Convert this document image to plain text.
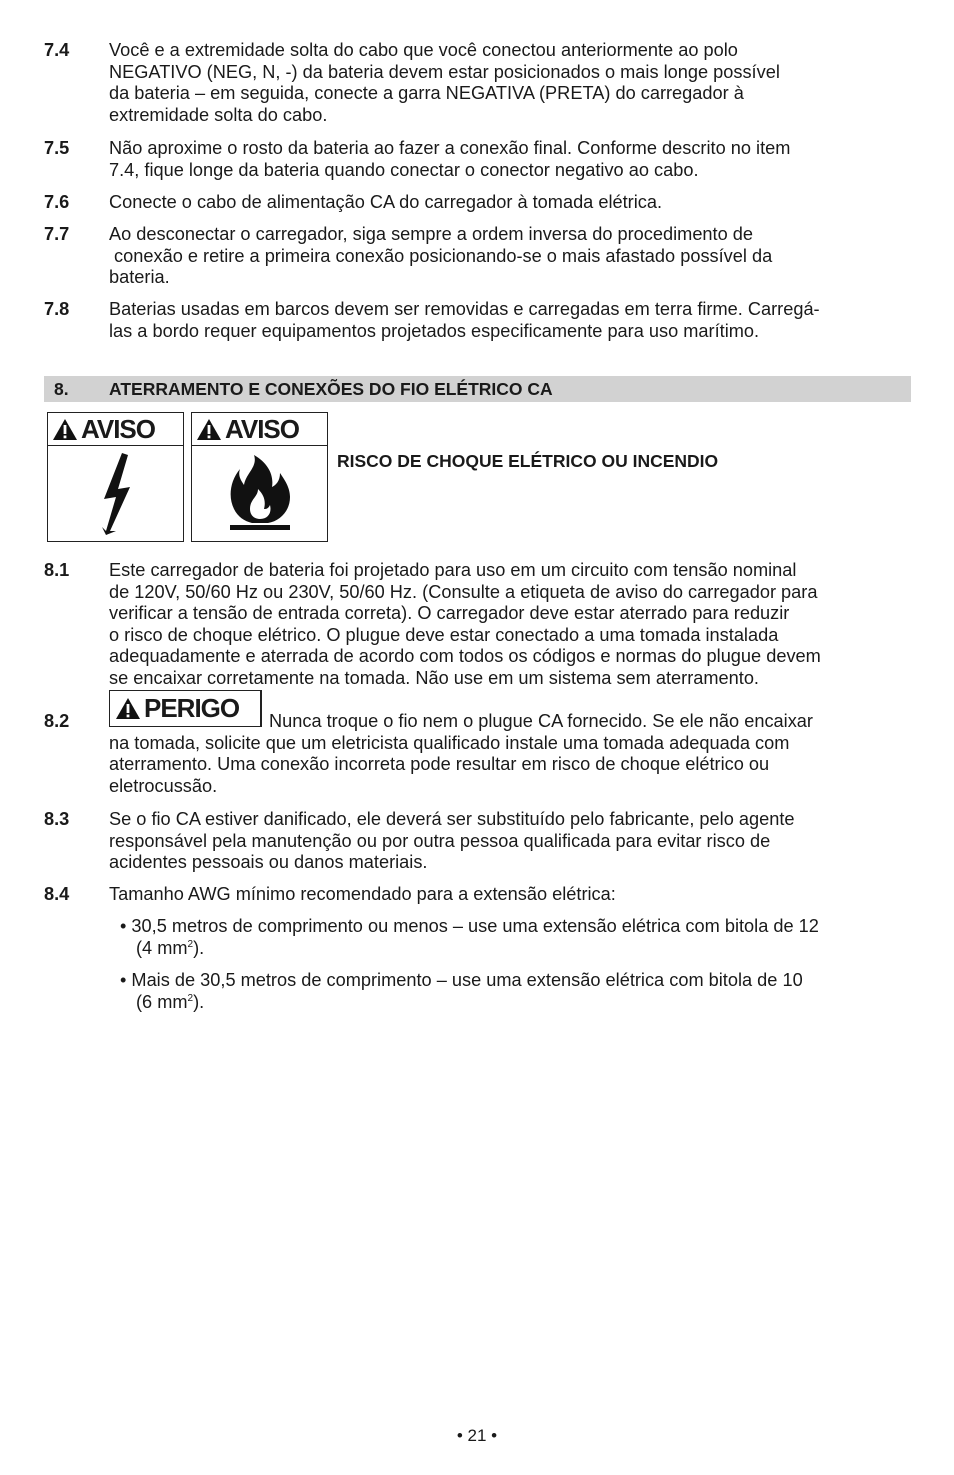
7.4 Você e a extremidade solta do cabo que você conectou anteriormente ao polo
NEGATIVO (NEG, N, -) da bateria devem estar posicionados o mais longe possível
da bateria – em seguida, conecte a garra NEGATIVA (PRETA) do carregador à
extremidade solta do cabo.
7.5 Não aproxime o rosto da bateria ao fazer a conexão final. Conforme descrito no item
7.4, fique longe da bateria quando conectar o conector negativo ao cabo.
7.6 Conecte o cabo de alimentação CA do carregador à tomada elétrica.
7.7 Ao desconectar o carregador, siga sempre a ordem inversa do procedimento de
conexão e retire a primeira conexão posicionando-se o mais afastado possível da
bateria.
7.8 Baterias usadas em barcos devem ser removidas e carregadas em terra firme. Carregá-
las a bordo requer equipamentos projetados especificamente para uso marítimo.
8. ATERRAMENTO E CONEXÕES DO FIO ELÉTRICO CA
AVISO	AVISO
RISCO DE CHOQUE ELÉTRICO OU INCENDIO
8.1 Este carregador de bateria foi projetado para uso em um circuito com tensão nominal
de 120V, 50/60 Hz ou 230V, 50/60 Hz. (Consulte a etiqueta de aviso do carregador para
verificar a tensão de entrada correta). O carregador deve estar aterrado para reduzir
o risco de choque elétrico. O plugue deve estar conectado a uma tomada instalada
adequadamente e aterrada de acordo com todos os códigos e normas do plugue devem
se encaixar corretamente na tomada. Não use em um sistema sem aterramento.
PERIGO Nunca troque o fio nem o plugue CA fornecido. Se ele não encaixar
8.2
na tomada, solicite que um eletricista qualificado instale uma tomada adequada com
aterramento. Uma conexão incorreta pode resultar em risco de choque elétrico ou
eletrocussão.
8.3 Se o fio CA estiver danificado, ele deverá ser substituído pelo fabricante, pelo agente
responsável pela manutenção ou por outra pessoa qualificada para evitar risco de
acidentes pessoais ou danos materiais.
8.4 Tamanho AWG mínimo recomendado para a extensão elétrica:
• 30,5 metros de comprimento ou menos – use uma extensão elétrica com bitola de 12
(4 $mm^2$).
• Mais de 30,5 metros de comprimento – use uma extensão elétrica com bitola de 10
(6 $mm^2$).
• 21 •
